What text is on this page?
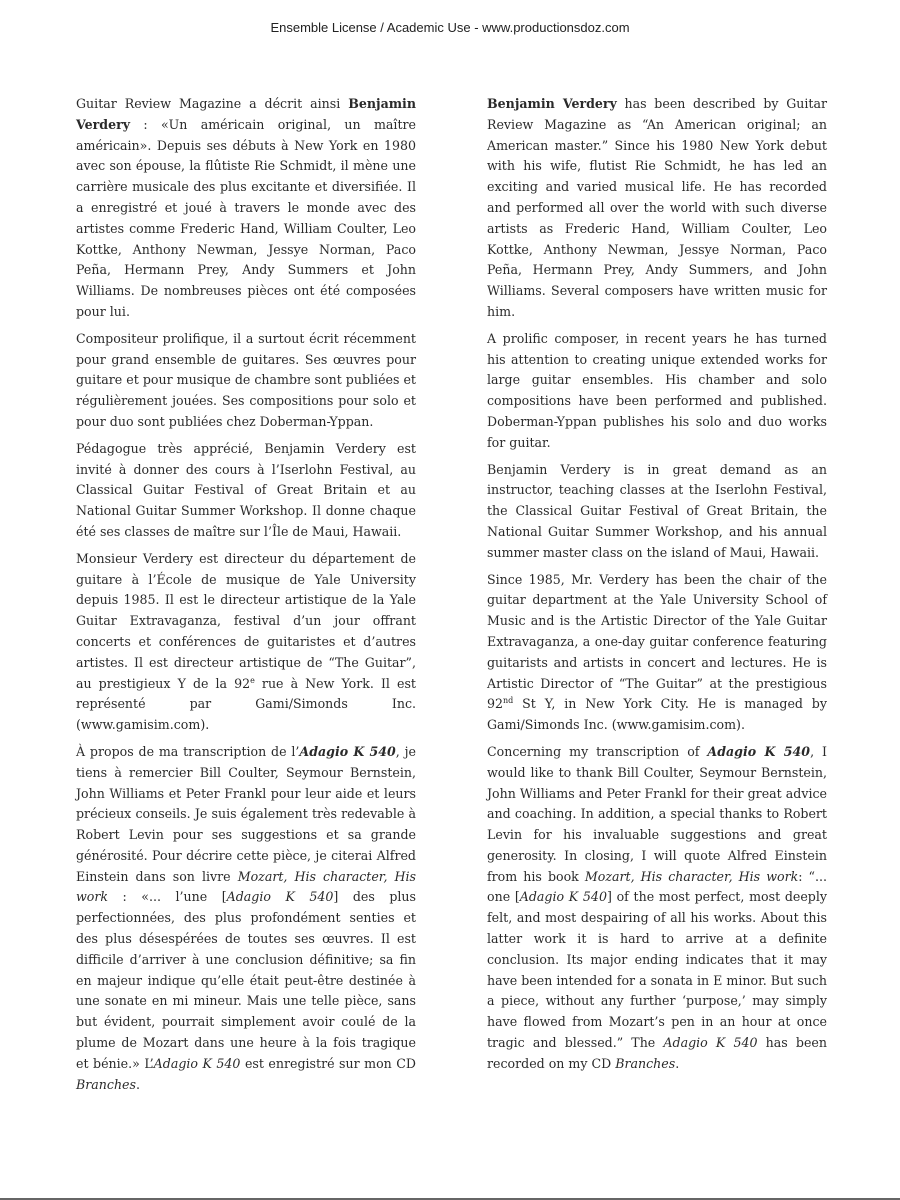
Ensemble License / Academic Use - www.productionsdoz.com

Guitar Review Magazine a décrit ainsi Benjamin Verdery : «Un américain original, un maître américain». Depuis ses débuts à New York en 1980 avec son épouse, la flûtiste Rie Schmidt, il mène une carrière musicale des plus excitante et diversifiée. Il a enregistré et joué à travers le monde avec des artistes comme Frederic Hand, William Coulter, Leo Kottke, Anthony Newman, Jessye Norman, Paco Peña, Hermann Prey, Andy Summers et John Williams. De nombreuses pièces ont été composées pour lui.

Compositeur prolifique, il a surtout écrit récemment pour grand ensemble de guitares. Ses œuvres pour guitare et pour musique de chambre sont publiées et régulièrement jouées. Ses compositions pour solo et pour duo sont publiées chez Doberman-Yppan.

Pédagogue très apprécié, Benjamin Verdery est invité à donner des cours à l’Iserlohn Festival, au Classical Guitar Festival of Great Britain et au National Guitar Summer Workshop. Il donne chaque été ses classes de maître sur l’Île de Maui, Hawaii.

Monsieur Verdery est directeur du département de guitare à l’École de musique de Yale University depuis 1985. Il est le directeur artistique de la Yale Guitar Extravaganza, festival d’un jour offrant concerts et conférences de guitaristes et d’autres artistes. Il est directeur artistique de “The Guitar”, au prestigieux Y de la 92e rue à New York. Il est représenté par Gami/Simonds Inc. (www.gamisim.com).

À propos de ma transcription de l’Adagio K 540, je tiens à remercier Bill Coulter, Seymour Bernstein, John Williams et Peter Frankl pour leur aide et leurs précieux conseils. Je suis également très redevable à Robert Levin pour ses suggestions et sa grande générosité. Pour décrire cette pièce, je citerai Alfred Einstein dans son livre Mozart, His character, His work : «... l’une [Adagio K 540] des plus perfectionnées, des plus profondément senties et des plus désespérées de toutes ses œuvres. Il est difficile d’arriver à une conclusion définitive; sa fin en majeur indique qu’elle était peut-être destinée à une sonate en mi mineur. Mais une telle pièce, sans but évident, pourrait simplement avoir coulé de la plume de Mozart dans une heure à la fois tragique et bénie.» L’Adagio K 540 est enregistré sur mon CD Branches.

Benjamin Verdery has been described by Guitar Review Magazine as “An American original; an American master.” Since his 1980 New York debut with his wife, flutist Rie Schmidt, he has led an exciting and varied musical life. He has recorded and performed all over the world with such diverse artists as Frederic Hand, William Coulter, Leo Kottke, Anthony Newman, Jessye Norman, Paco Peña, Hermann Prey, Andy Summers, and John Williams. Several composers have written music for him.

A prolific composer, in recent years he has turned his attention to creating unique extended works for large guitar ensembles. His chamber and solo compositions have been performed and published. Doberman-Yppan publishes his solo and duo works for guitar.

Benjamin Verdery is in great demand as an instructor, teaching classes at the Iserlohn Festival, the Classical Guitar Festival of Great Britain, the National Guitar Summer Workshop, and his annual summer master class on the island of Maui, Hawaii.

Since 1985, Mr. Verdery has been the chair of the guitar department at the Yale University School of Music and is the Artistic Director of the Yale Guitar Extravaganza, a one-day guitar conference featuring guitarists and artists in concert and lectures. He is Artistic Director of “The Guitar” at the prestigious 92nd St Y, in New York City. He is managed by Gami/Simonds Inc. (www.gamisim.com).

Concerning my transcription of Adagio K 540, I would like to thank Bill Coulter, Seymour Bernstein, John Williams and Peter Frankl for their great advice and coaching. In addition, a special thanks to Robert Levin for his invaluable suggestions and great generosity. In closing, I will quote Alfred Einstein from his book Mozart, His character, His work: “... one [Adagio K 540] of the most perfect, most deeply felt, and most despairing of all his works. About this latter work it is hard to arrive at a definite conclusion. Its major ending indicates that it may have been intended for a sonata in E minor. But such a piece, without any further ‘purpose,’ may simply have flowed from Mozart’s pen in an hour at once tragic and blessed.” The Adagio K 540 has been recorded on my CD Branches.
